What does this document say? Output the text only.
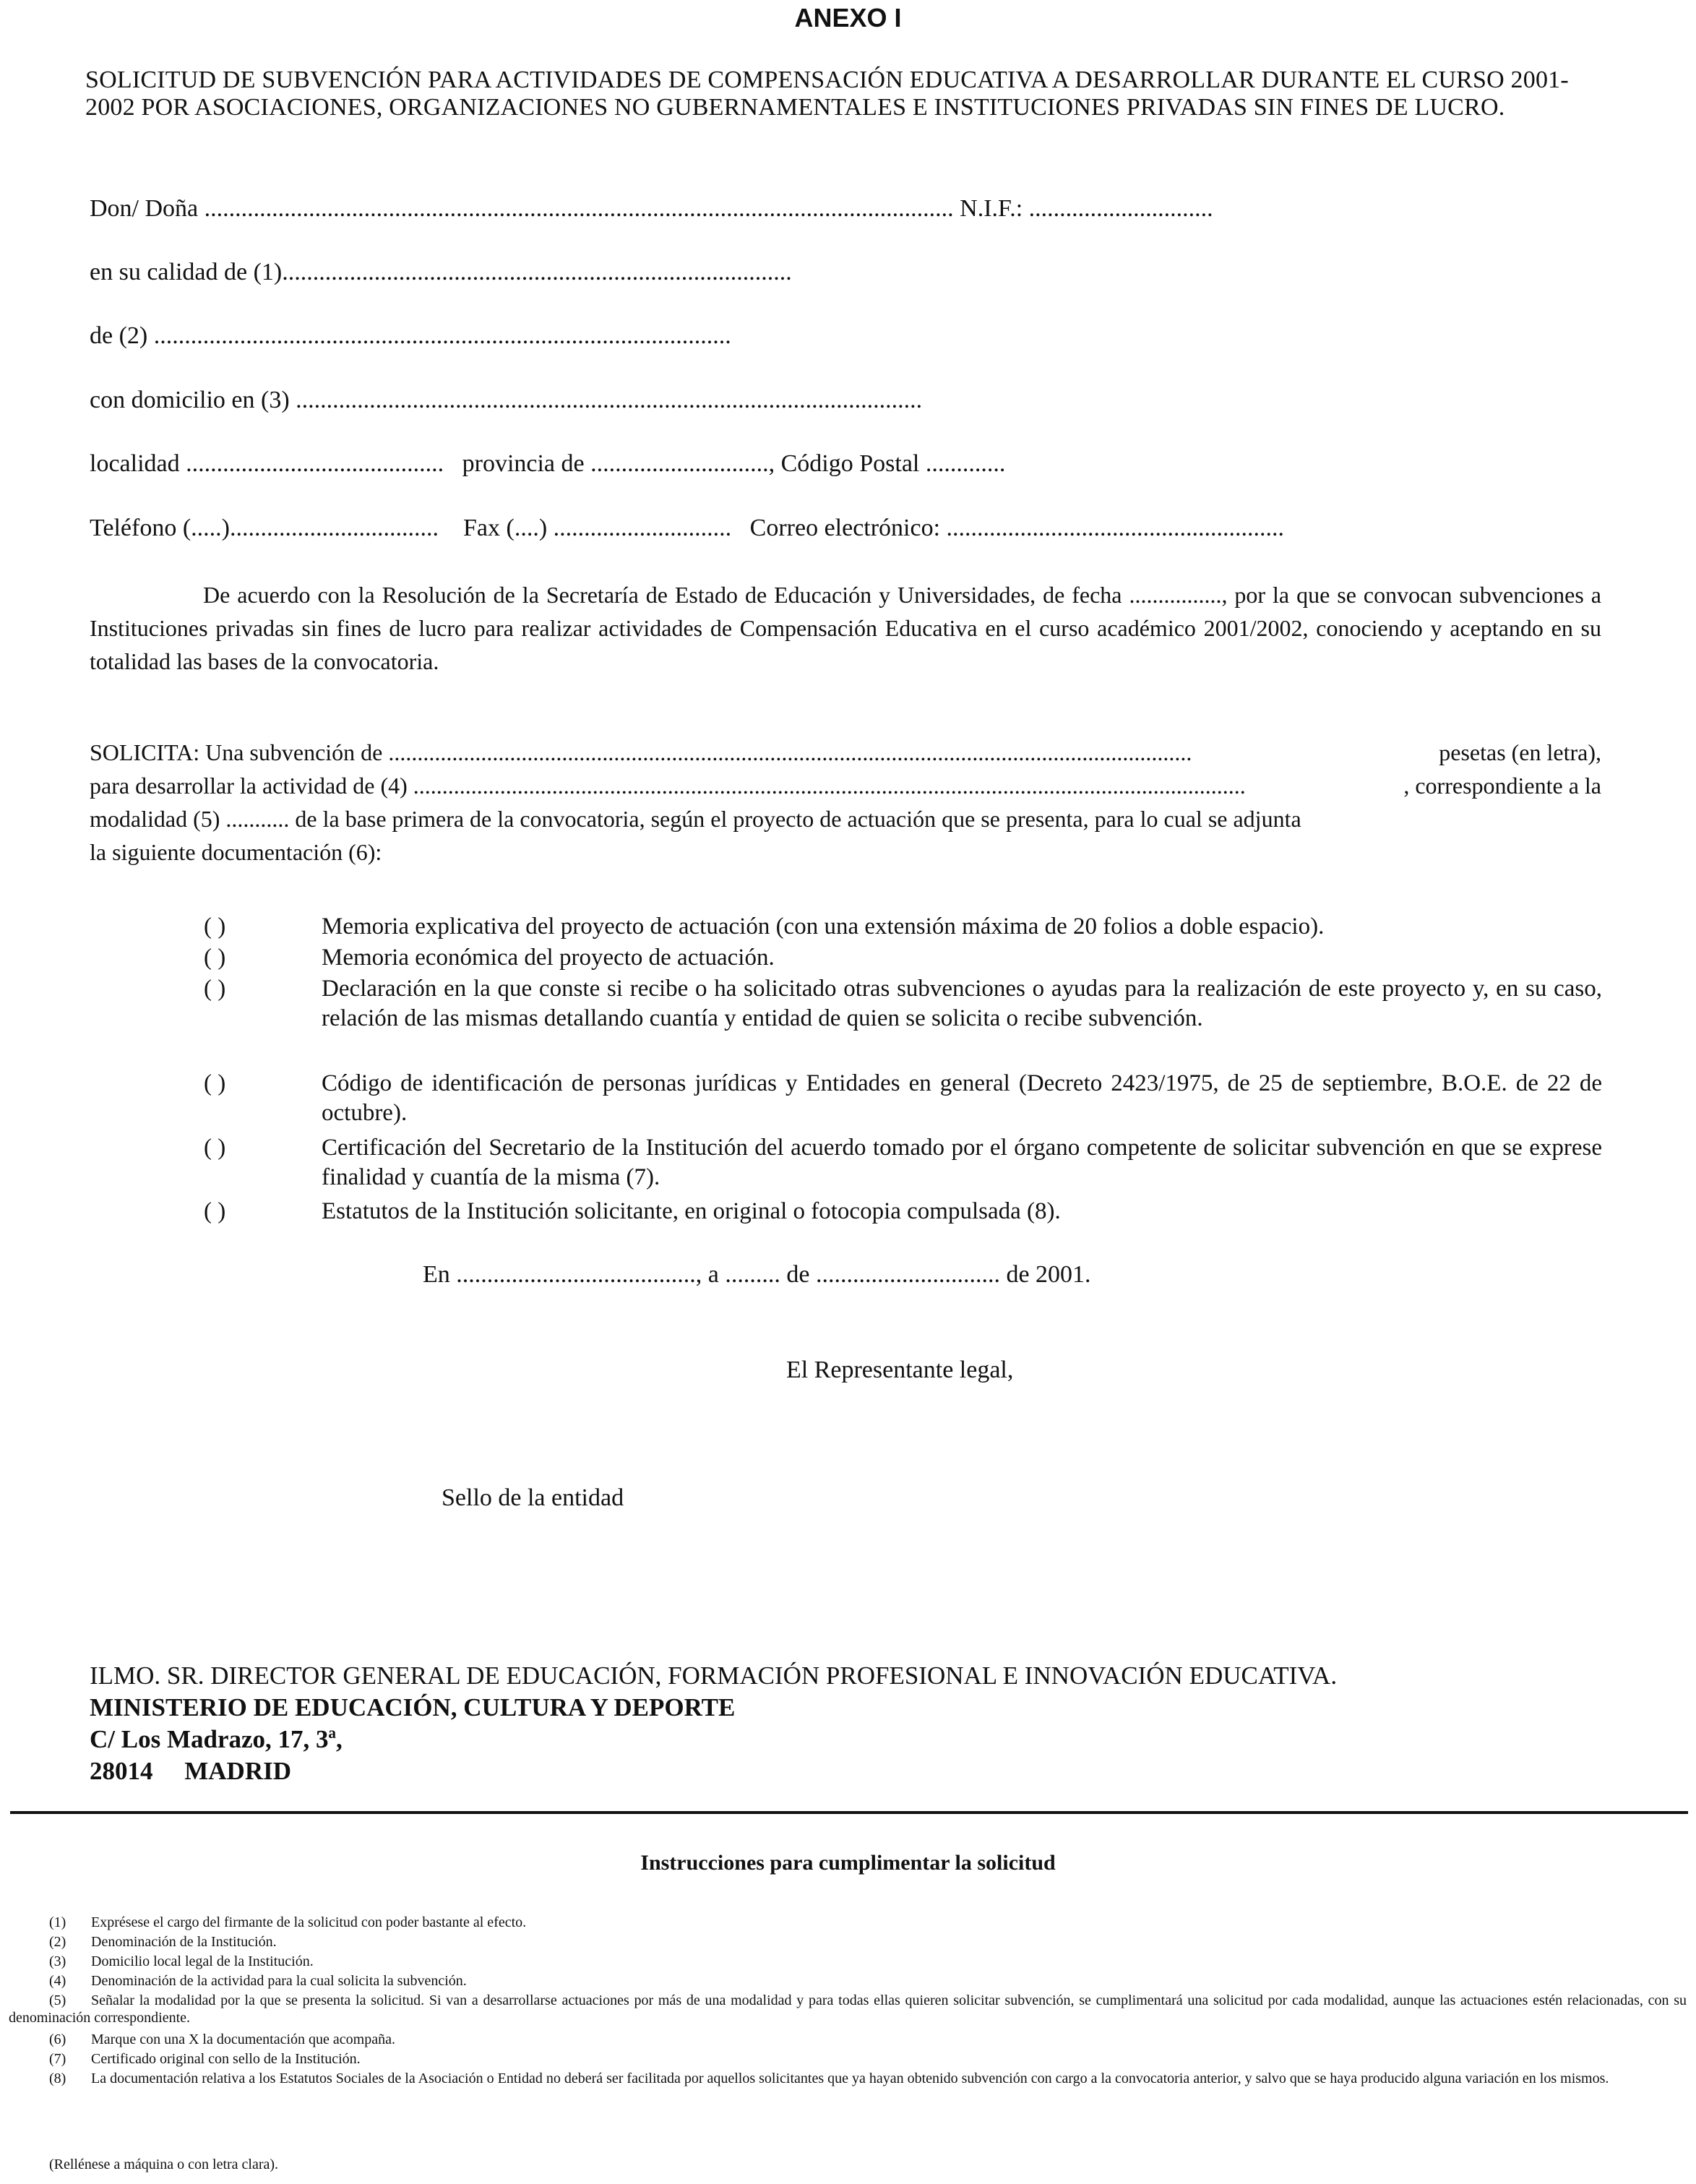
ANEXO I
SOLICITUD DE SUBVENCIÓN PARA ACTIVIDADES DE COMPENSACIÓN EDUCATIVA A DESARROLLAR DURANTE EL CURSO 2001-2002 POR ASOCIACIONES, ORGANIZACIONES NO GUBERNAMENTALES E INSTITUCIONES PRIVADAS SIN FINES DE LUCRO.
Don/ Doña .......................................................................................................................... N.I.F.: ..............................
en su calidad de (1)...................................................................................
de (2) ..............................................................................................
con domicilio en (3) ......................................................................................................
localidad .......................................... provincia de ............................., Código Postal .............
Teléfono (.....).................................. Fax (....) ............................. Correo electrónico: .......................................................
De acuerdo con la Resolución de la Secretaría de Estado de Educación y Universidades, de fecha ................, por la que se convocan subvenciones a Instituciones privadas sin fines de lucro para realizar actividades de Compensación Educativa en el curso académico 2001/2002, conociendo y aceptando en su totalidad las bases de la convocatoria.
SOLICITA:
Una subvención de
...........................................................................................................................................
	pesetas (en letra),
para desarrollar la actividad de (4)
................................................................................................................................................	, correspondiente a la
modalidad (5)
...........
de la base primera de la convocatoria, según el proyecto de actuación que se presenta, para lo cual se adjunta
la siguiente documentación (6):
( )	Memoria explicativa del proyecto de actuación (con una extensión máxima de 20 folios a doble espacio).
( )	Memoria económica del proyecto de actuación.
( )	Declaración en la que conste si recibe o ha solicitado otras subvenciones o ayudas para la realización de este proyecto y, en su caso, relación de las mismas detallando cuantía y entidad de quien se solicita o recibe subvención.
( )	Código de identificación de personas jurídicas y Entidades en general (Decreto 2423/1975, de 25 de septiembre, B.O.E. de 22 de octubre).
( )	Certificación del Secretario de la Institución del acuerdo tomado por el órgano competente de solicitar subvención en que se exprese finalidad y cuantía de la misma (7).
( )	Estatutos de la Institución solicitante, en original o fotocopia compulsada (8).
En ......................................., a ......... de .............................. de 2001.
El Representante legal,
Sello de la entidad
ILMO. SR. DIRECTOR GENERAL DE EDUCACIÓN, FORMACIÓN PROFESIONAL E INNOVACIÓN EDUCATIVA.
MINISTERIO DE EDUCACIÓN, CULTURA Y DEPORTE
C/ Los Madrazo, 17, 3ª,
28014 MADRID
Instrucciones para cumplimentar la solicitud
(1) Exprésese el cargo del firmante de la solicitud con poder bastante al efecto.
(2) Denominación de la Institución.
(3) Domicilio local legal de la Institución.
(4) Denominación de la actividad para la cual solicita la subvención.
(5) Señalar la modalidad por la que se presenta la solicitud. Si van a desarrollarse actuaciones por más de una modalidad y para todas ellas quieren solicitar subvención, se cumplimentará una solicitud por cada modalidad, aunque las actuaciones estén relacionadas, con su denominación correspondiente.
(6) Marque con una X la documentación que acompaña.
(7) Certificado original con sello de la Institución.
(8) La documentación relativa a los Estatutos Sociales de la Asociación o Entidad no deberá ser facilitada por aquellos solicitantes que ya hayan obtenido subvención con cargo a la convocatoria anterior, y salvo que se haya producido alguna variación en los mismos.
(Rellénese a máquina o con letra clara).
